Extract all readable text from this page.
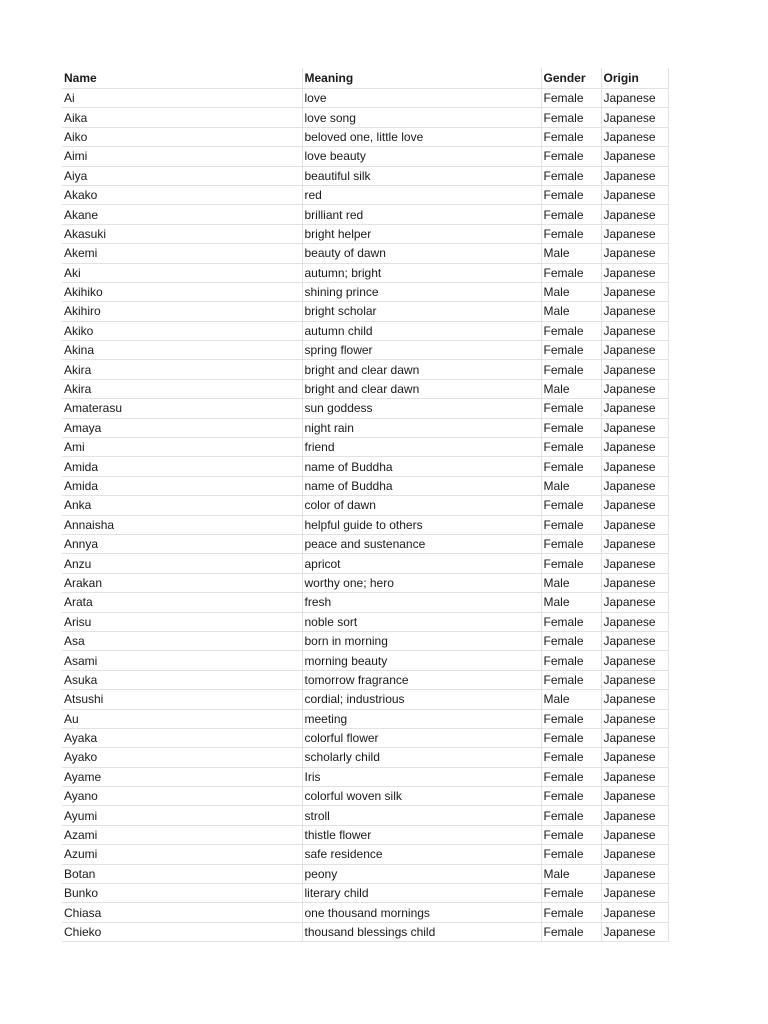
Name	Meaning	Gender	Origin
Ai	love	Female	Japanese
Aika	love song	Female	Japanese
Aiko	beloved one, little love	Female	Japanese
Aimi	love beauty	Female	Japanese
Aiya	beautiful silk	Female	Japanese
Akako	red	Female	Japanese
Akane	brilliant red	Female	Japanese
Akasuki	bright helper	Female	Japanese
Akemi	beauty of dawn	Male	Japanese
Aki	autumn; bright	Female	Japanese
Akihiko	shining prince	Male	Japanese
Akihiro	bright scholar	Male	Japanese
Akiko	autumn child	Female	Japanese
Akina	spring flower	Female	Japanese
Akira	bright and clear dawn	Female	Japanese
Akira	bright and clear dawn	Male	Japanese
Amaterasu	sun goddess	Female	Japanese
Amaya	night rain	Female	Japanese
Ami	friend	Female	Japanese
Amida	name of Buddha	Female	Japanese
Amida	name of Buddha	Male	Japanese
Anka	color of dawn	Female	Japanese
Annaisha	helpful guide to others	Female	Japanese
Annya	peace and sustenance	Female	Japanese
Anzu	apricot	Female	Japanese
Arakan	worthy one; hero	Male	Japanese
Arata	fresh	Male	Japanese
Arisu	noble sort	Female	Japanese
Asa	born in morning	Female	Japanese
Asami	morning beauty	Female	Japanese
Asuka	tomorrow fragrance	Female	Japanese
Atsushi	cordial; industrious	Male	Japanese
Au	meeting	Female	Japanese
Ayaka	colorful flower	Female	Japanese
Ayako	scholarly child	Female	Japanese
Ayame	Iris	Female	Japanese
Ayano	colorful woven silk	Female	Japanese
Ayumi	stroll	Female	Japanese
Azami	thistle flower	Female	Japanese
Azumi	safe residence	Female	Japanese
Botan	peony	Male	Japanese
Bunko	literary child	Female	Japanese
Chiasa	one thousand mornings	Female	Japanese
Chieko	thousand blessings child	Female	Japanese
